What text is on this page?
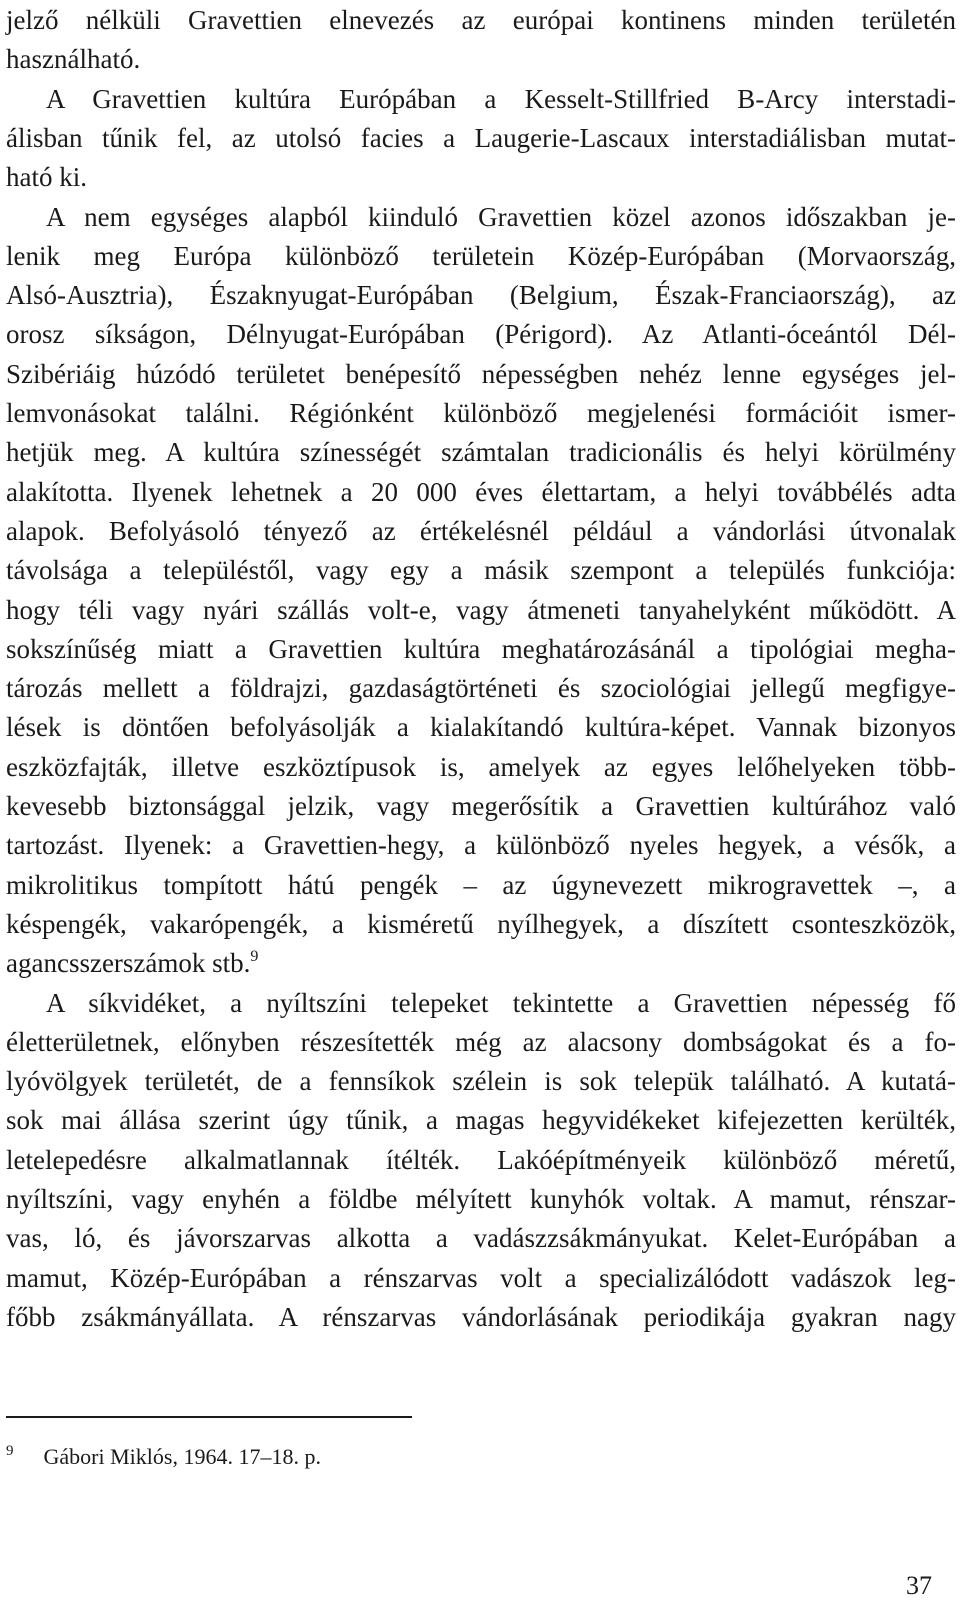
jelző nélküli Gravettien elnevezés az európai kontinens minden területén
használható.
A Gravettien kultúra Európában a Kesselt-Stillfried B-Arcy interstadi-
álisban tűnik fel, az utolsó facies a Laugerie-Lascaux interstadiálisban mutat-
ható ki.
A nem egységes alapból kiinduló Gravettien közel azonos időszakban je-
lenik meg Európa különböző területein Közép-Európában (Morvaország,
Alsó-Ausztria), Északnyugat-Európában (Belgium, Észak-Franciaország), az
orosz síkságon, Délnyugat-Európában (Périgord). Az Atlanti-óceántól Dél-
Szibériáig húzódó területet benépesítő népességben nehéz lenne egységes jel-
lemvonásokat találni. Régiónként különböző megjelenési formációit ismer-
hetjük meg. A kultúra színességét számtalan tradicionális és helyi körülmény
alakította. Ilyenek lehetnek a 20 000 éves élettartam, a helyi továbbélés adta
alapok. Befolyásoló tényező az értékelésnél például a vándorlási útvonalak
távolsága a településtől, vagy egy a másik szempont a település funkciója:
hogy téli vagy nyári szállás volt-e, vagy átmeneti tanyahelyként működött. A
sokszínűség miatt a Gravettien kultúra meghatározásánál a tipológiai megha-
tározás mellett a földrajzi, gazdaságtörténeti és szociológiai jellegű megfigye-
lések is döntően befolyásolják a kialakítandó kultúra-képet. Vannak bizonyos
eszközfajták, illetve eszköztípusok is, amelyek az egyes lelőhelyeken több-
kevesebb biztonsággal jelzik, vagy megerősítik a Gravettien kultúrához való
tartozást. Ilyenek: a Gravettien-hegy, a különböző nyeles hegyek, a vésők, a
mikrolitikus tompított hátú pengék – az úgynevezett mikrogravettek –, a
késpengék, vakarópengék, a kisméretű nyílhegyek, a díszített csonteszközök,
agancsszerszámok stb.$^9$
A síkvidéket, a nyíltszíni telepeket tekintette a Gravettien népesség fő
életterületnek, előnyben részesítették még az alacsony dombságokat és a fo-
lyóvölgyek területét, de a fennsíkok szélein is sok telepük található. A kutatá-
sok mai állása szerint úgy tűnik, a magas hegyvidékeket kifejezetten kerülték,
letelepedésre alkalmatlannak ítélték. Lakóépítményeik különböző méretű,
nyíltszíni, vagy enyhén a földbe mélyített kunyhók voltak. A mamut, rénszar-
vas, ló, és jávorszarvas alkotta a vadászzsákmányukat. Kelet-Európában a
mamut, Közép-Európában a rénszarvas volt a specializálódott vadászok leg-
főbb zsákmányállata. A rénszarvas vándorlásának periodikája gyakran nagy
9 Gábori Miklós, 1964. 17–18. p.
37
